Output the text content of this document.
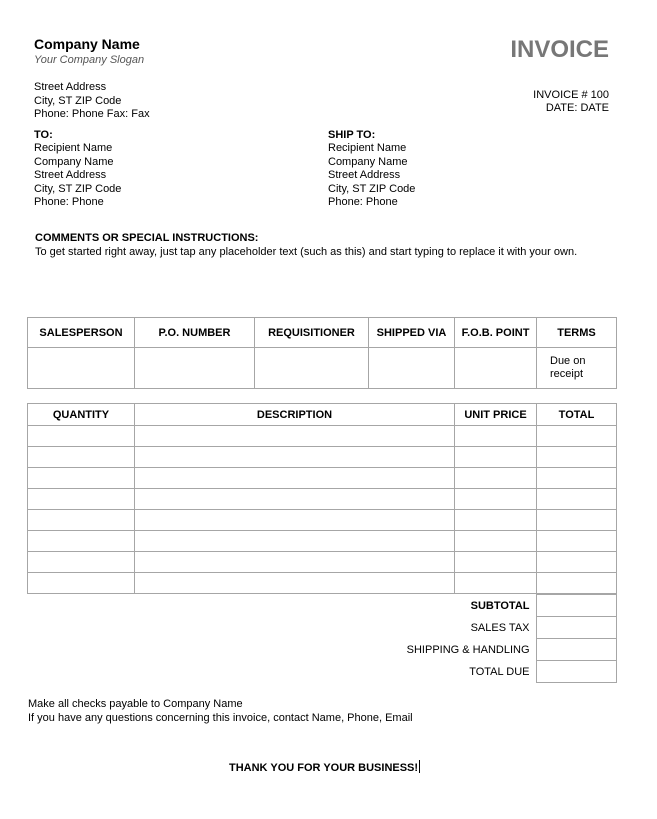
Company Name
Your Company Slogan
Street Address
City, ST ZIP Code
Phone: Phone Fax: Fax
INVOICE
INVOICE # 100
DATE: DATE
TO:
Recipient Name
Company Name
Street Address
City, ST ZIP Code
Phone: Phone
SHIP TO:
Recipient Name
Company Name
Street Address
City, ST ZIP Code
Phone: Phone
COMMENTS OR SPECIAL INSTRUCTIONS:
To get started right away, just tap any placeholder text (such as this) and start typing to replace it with your own.
SALESPERSON	P.O. NUMBER	REQUISITIONER	SHIPPED VIA	F.O.B. POINT	TERMS

					Due on
receipt
QUANTITY	DESCRIPTION	UNIT PRICE	TOTAL

SUBTOTAL	
SALES TAX	
SHIPPING & HANDLING	
TOTAL DUE	
Make all checks payable to Company Name
If you have any questions concerning this invoice, contact Name, Phone, Email
THANK YOU FOR YOUR BUSINESS!
